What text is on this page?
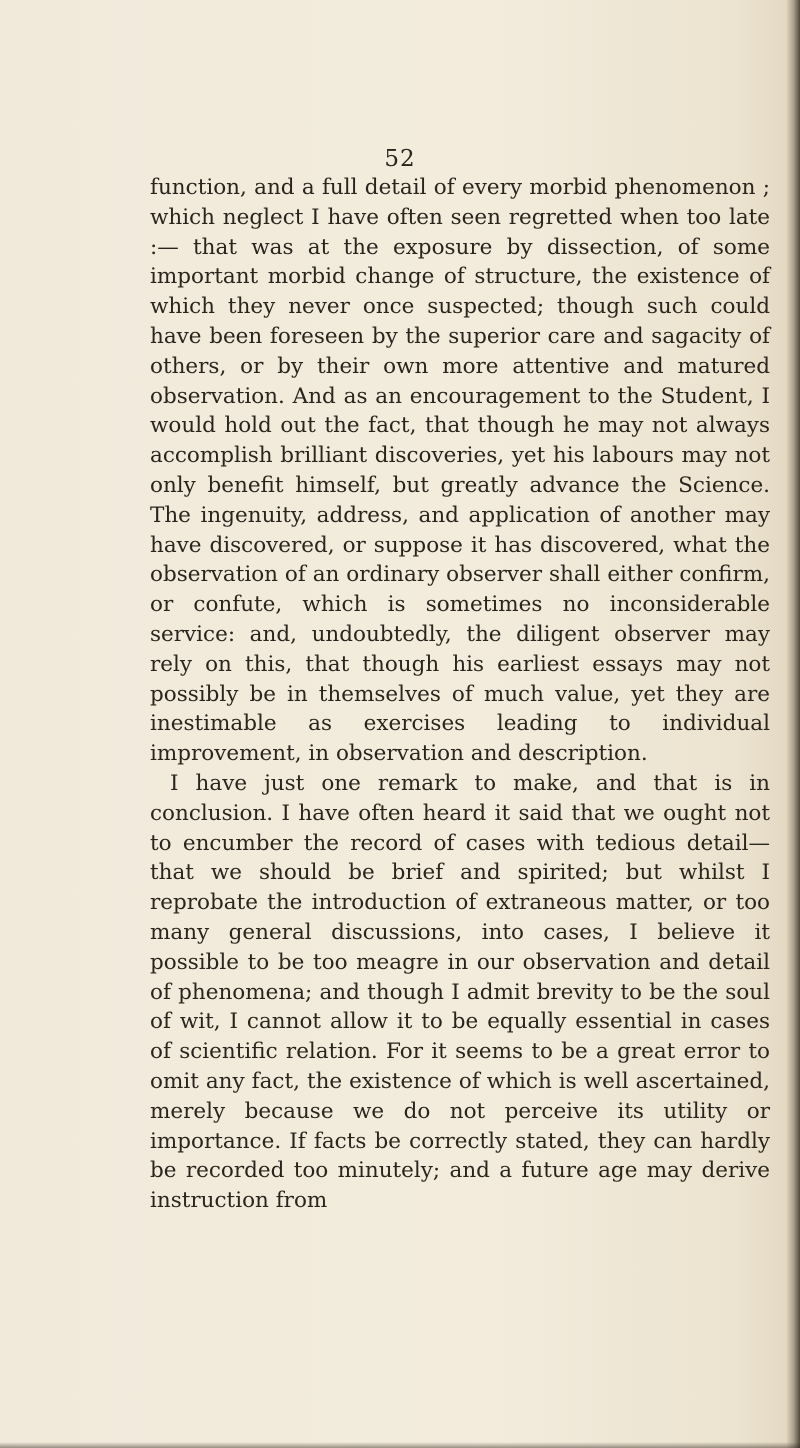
52

function, and a full detail of every morbid phenomenon ; which neglect I have often seen regretted when too late :— that was at the exposure by dissection, of some important morbid change of structure, the existence of which they never once suspected; though such could have been foreseen by the superior care and sagacity of others, or by their own more attentive and matured observation. And as an encouragement to the Student, I would hold out the fact, that though he may not always accomplish brilliant discoveries, yet his labours may not only benefit himself, but greatly advance the Science. The ingenuity, address, and application of another may have discovered, or suppose it has discovered, what the observation of an ordinary observer shall either confirm, or confute, which is sometimes no inconsiderable service: and, undoubtedly, the diligent observer may rely on this, that though his earliest essays may not possibly be in themselves of much value, yet they are inestimable as exercises leading to individual improvement, in observation and description.

I have just one remark to make, and that is in conclusion. I have often heard it said that we ought not to encumber the record of cases with tedious detail—that we should be brief and spirited; but whilst I reprobate the introduction of extraneous matter, or too many general discussions, into cases, I believe it possible to be too meagre in our observation and detail of phenomena; and though I admit brevity to be the soul of wit, I cannot allow it to be equally essential in cases of scientific relation. For it seems to be a great error to omit any fact, the existence of which is well ascertained, merely because we do not perceive its utility or importance. If facts be correctly stated, they can hardly be recorded too minutely; and a future age may derive instruction from
